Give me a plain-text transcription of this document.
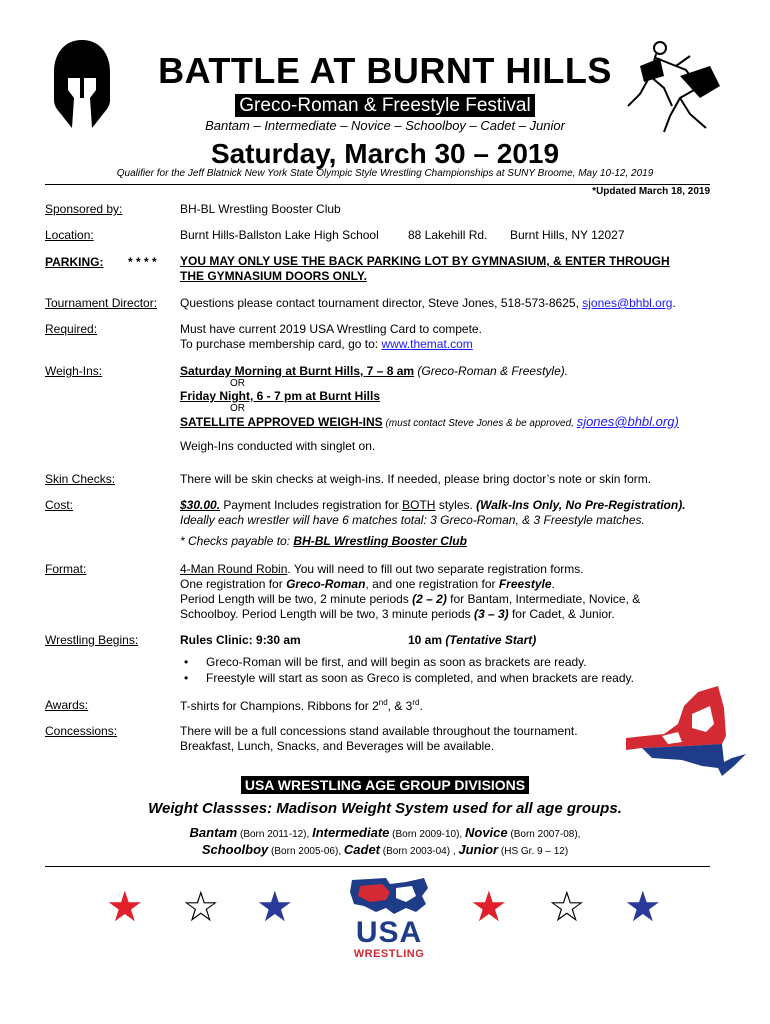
BATTLE AT BURNT HILLS
Greco-Roman & Freestyle Festival
Bantam – Intermediate – Novice – Schoolboy – Cadet – Junior
Saturday, March 30 – 2019
Qualifier for the Jeff Blatnick New York State Olympic Style Wrestling Championships at SUNY Broome, May 10-12, 2019
*Updated March 18, 2019
Sponsored by:	BH-BL Wrestling Booster Club
Location:	Burnt Hills-Ballston Lake High School 88 Lakehill Rd. Burnt Hills, NY 12027
PARKING: * * * * YOU MAY ONLY USE THE BACK PARKING LOT BY GYMNASIUM, & ENTER THROUGH
THE GYMNASIUM DOORS ONLY.
Tournament Director: Questions please contact tournament director, Steve Jones, 518-573-8625, sjones@bhbl.org.
Required:	Must have current 2019 USA Wrestling Card to compete.
To purchase membership card, go to: www.themat.com
Weigh-Ins:	Saturday Morning at Burnt Hills, 7 – 8 am (Greco-Roman & Freestyle).
OR
Friday Night, 6 - 7 pm at Burnt Hills
OR
SATELLITE APPROVED WEIGH-INS (must contact Steve Jones & be approved, sjones@bhbl.org)
Weigh-Ins conducted with singlet on.
Skin Checks:	There will be skin checks at weigh-ins. If needed, please bring doctor’s note or skin form.
Cost:	$30.00. Payment Includes registration for BOTH styles. (Walk-Ins Only, No Pre-Registration).
Ideally each wrestler will have 6 matches total: 3 Greco-Roman, & 3 Freestyle matches.
* Checks payable to: BH-BL Wrestling Booster Club
Format:	4-Man Round Robin. You will need to fill out two separate registration forms.
One registration for Greco-Roman, and one registration for Freestyle.
Period Length will be two, 2 minute periods (2 – 2) for Bantam, Intermediate, Novice, &
Schoolboy. Period Length will be two, 3 minute periods (3 – 3) for Cadet, & Junior.
Wrestling Begins:	Rules Clinic: 9:30 am	10 am (Tentative Start)
• Greco-Roman will be first, and will begin as soon as brackets are ready.
• Freestyle will start as soon as Greco is completed, and when brackets are ready.
Awards:	T-shirts for Champions. Ribbons for 2nd, & 3rd.
Concessions:	There will be a full concessions stand available throughout the tournament.
Breakfast, Lunch, Snacks, and Beverages will be available.
USA WRESTLING AGE GROUP DIVISIONS
Weight Classses: Madison Weight System used for all age groups.
Bantam (Born 2011-12), Intermediate (Born 2009-10), Novice (Born 2007-08),
Schoolboy (Born 2005-06), Cadet (Born 2003-04) , Junior (HS Gr. 9 – 12)
★ ☆ ★	★ ☆ ★
USA
WRESTLING
